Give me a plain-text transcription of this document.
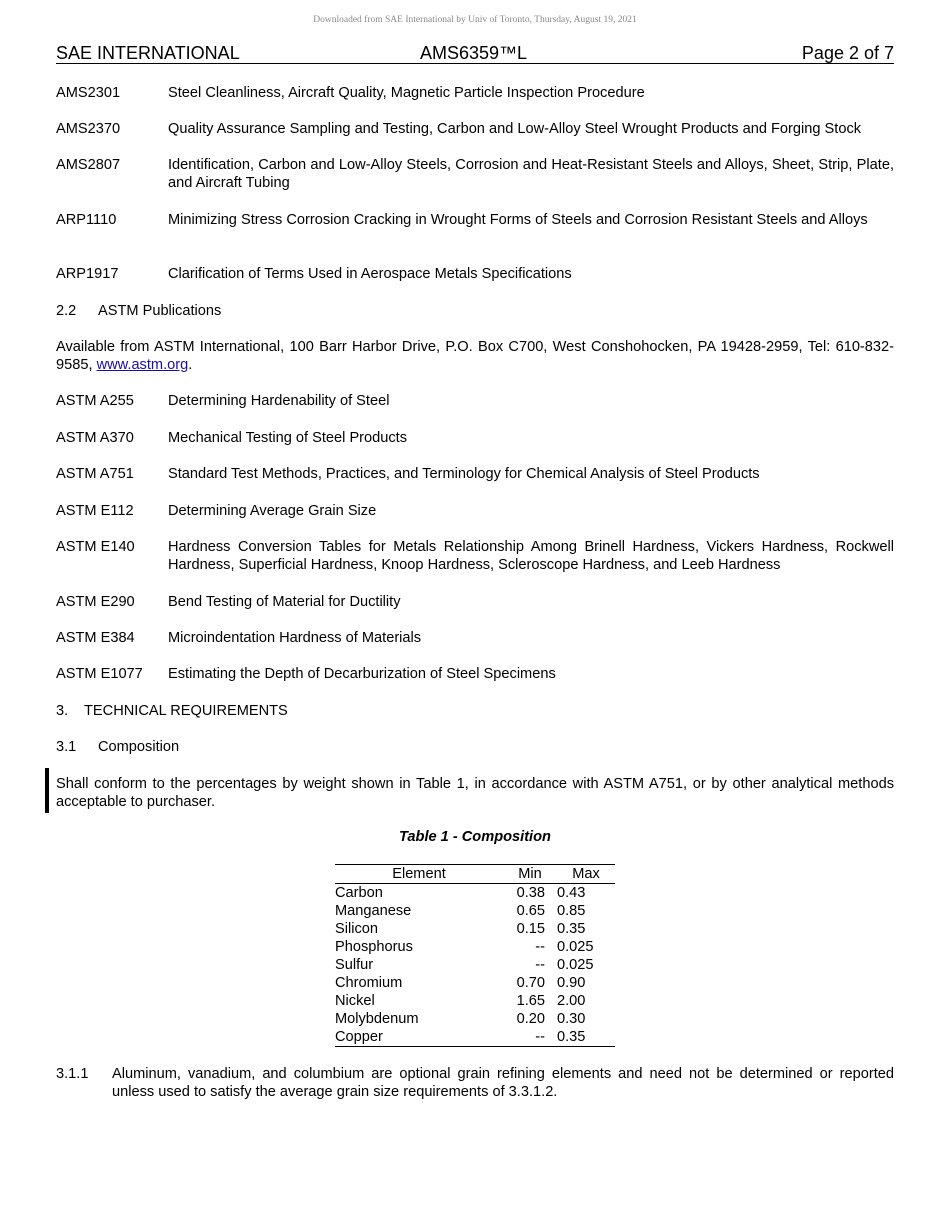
Downloaded from SAE International by Univ of Toronto, Thursday, August 19, 2021
SAE INTERNATIONAL	AMS6359™L	Page 2 of 7
AMS2301	Steel Cleanliness, Aircraft Quality, Magnetic Particle Inspection Procedure
AMS2370	Quality Assurance Sampling and Testing, Carbon and Low-Alloy Steel Wrought Products and Forging Stock
AMS2807	Identification, Carbon and Low-Alloy Steels, Corrosion and Heat-Resistant Steels and Alloys, Sheet, Strip, Plate, and Aircraft Tubing
ARP1110	Minimizing Stress Corrosion Cracking in Wrought Forms of Steels and Corrosion Resistant Steels and Alloys
ARP1917	Clarification of Terms Used in Aerospace Metals Specifications
2.2 ASTM Publications
Available from ASTM International, 100 Barr Harbor Drive, P.O. Box C700, West Conshohocken, PA 19428-2959, Tel: 610-832-9585, www.astm.org.
ASTM A255 Determining Hardenability of Steel
ASTM A370 Mechanical Testing of Steel Products
ASTM A751 Standard Test Methods, Practices, and Terminology for Chemical Analysis of Steel Products
ASTM E112 Determining Average Grain Size
ASTM E140 Hardness Conversion Tables for Metals Relationship Among Brinell Hardness, Vickers Hardness, Rockwell Hardness, Superficial Hardness, Knoop Hardness, Scleroscope Hardness, and Leeb Hardness
ASTM E290 Bend Testing of Material for Ductility
ASTM E384 Microindentation Hardness of Materials
ASTM E1077 Estimating the Depth of Decarburization of Steel Specimens
3. TECHNICAL REQUIREMENTS
3.1 Composition
Shall conform to the percentages by weight shown in Table 1, in accordance with ASTM A751, or by other analytical methods acceptable to purchaser.
3.1.1 Aluminum, vanadium, and columbium are optional grain refining elements and need not be determined or reported unless used to satisfy the average grain size requirements of 3.3.1.2.
Table 1 - Composition
Element	Min	Max
Carbon	0.38	0.43
Manganese	0.65	0.85
Silicon	0.15	0.35
Phosphorus	--	0.025
Sulfur	--	0.025
Chromium	0.70	0.90
Nickel	1.65	2.00
Molybdenum	0.20	0.30
Copper	--	0.35
